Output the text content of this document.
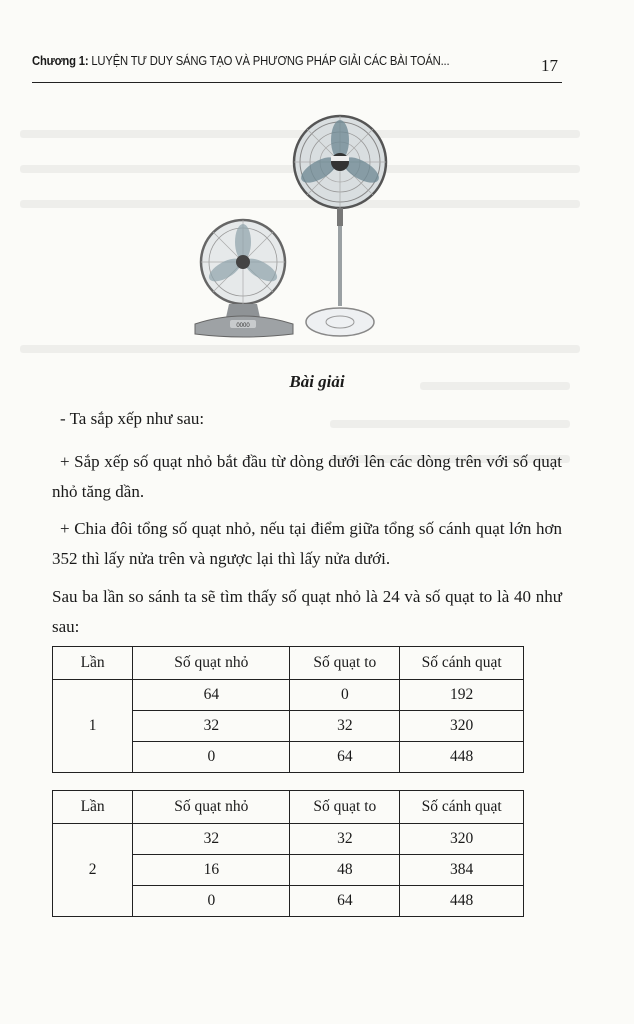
Chương 1: LUYỆN TƯ DUY SÁNG TẠO VÀ PHƯƠNG PHÁP GIẢI CÁC BÀI TOÁN...	17
0000
Bài giải
- Ta sắp xếp như sau:
+ Sắp xếp số quạt nhỏ bắt đầu từ dòng dưới lên các dòng trên với số quạt nhỏ tăng dần.
+ Chia đôi tổng số quạt nhỏ, nếu tại điểm giữa tổng số cánh quạt lớn hơn 352 thì lấy nửa trên và ngược lại thì lấy nửa dưới.
Sau ba lần so sánh ta sẽ tìm thấy số quạt nhỏ là 24 và số quạt to là 40 như sau:
Lần	Số quạt nhỏ	Số quạt to	Số cánh quạt
1	64	0	192
	32	32	320
	0	64	448
Lần	Số quạt nhỏ	Số quạt to	Số cánh quạt
2	32	32	320
	16	48	384
	0	64	448
